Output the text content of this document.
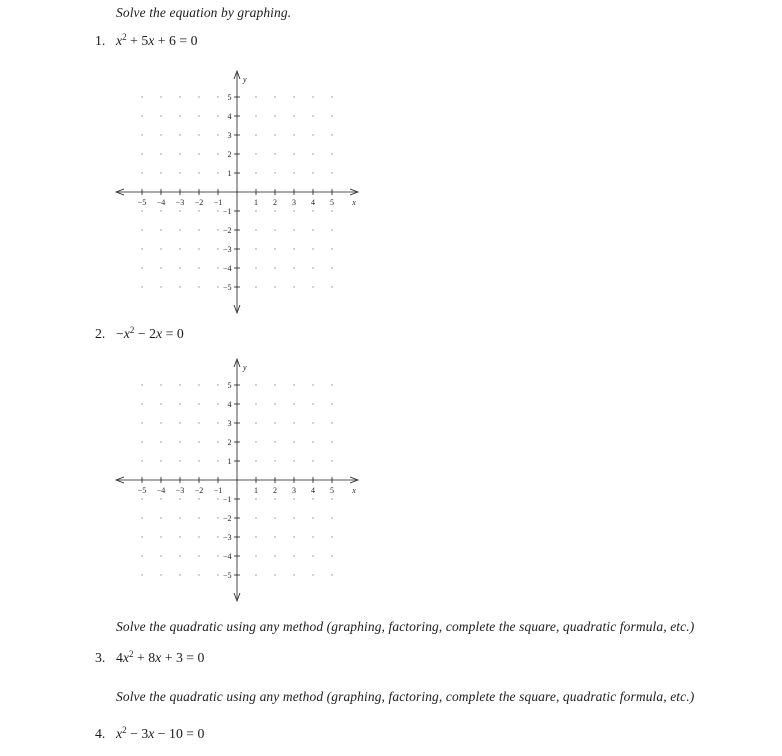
Solve the equation by graphing.

1. $x^2 + 5x + 6 = 0$
−5 −4 −3 −2 −1	1 2 3 4 5
−5
−4
−3
−2
−1
1
2
3
4
5
x
y
2. $-x^2 - 2x = 0$
−5 −4 −3 −2 −1	1 2 3 4 5
−5
−4
−3
−2
−1
1
2
3
4
5
x
y

Solve the quadratic using any method (graphing, factoring, complete the square, quadratic formula, etc.)

3. $4x^2 + 8x + 3 = 0$

Solve the quadratic using any method (graphing, factoring, complete the square, quadratic formula, etc.)

4. $x^2 - 3x - 10 = 0$
